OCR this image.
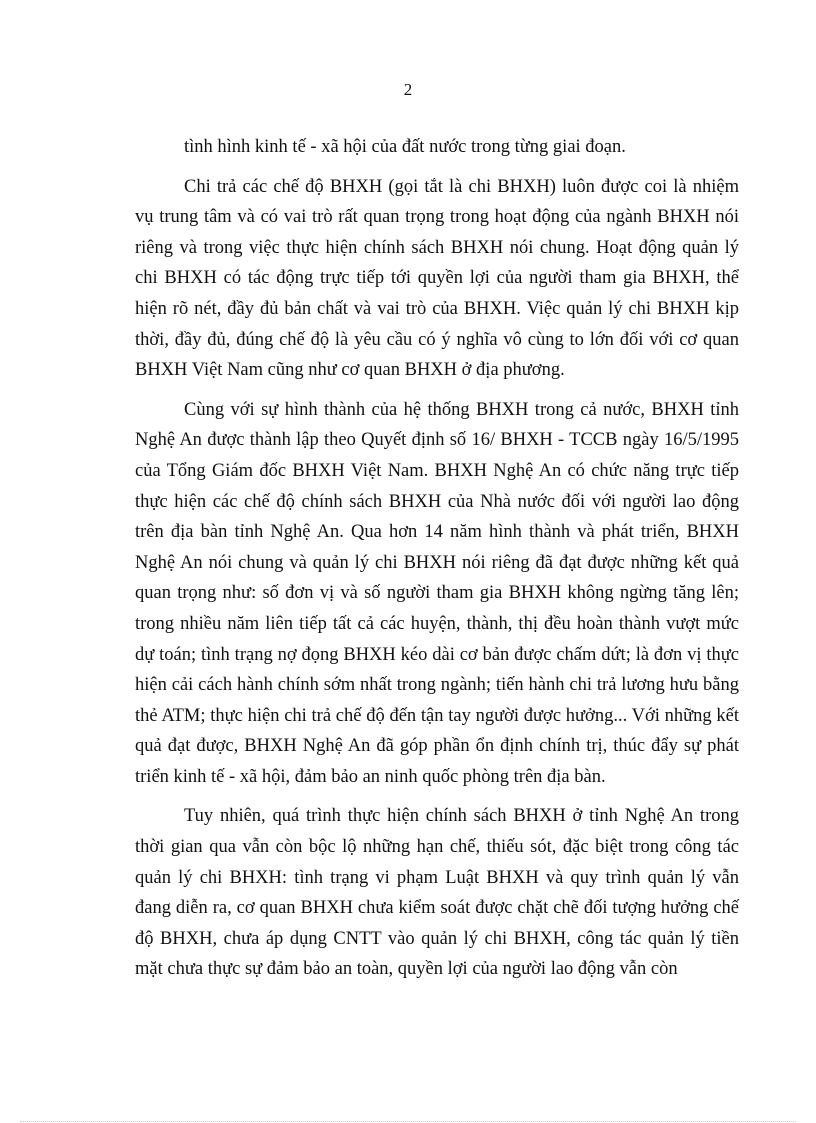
2

tình hình kinh tế - xã hội của đất nước trong từng giai đoạn.

Chi trả các chế độ BHXH (gọi tắt là chi BHXH) luôn được coi là nhiệm vụ trung tâm và có vai trò rất quan trọng trong hoạt động của ngành BHXH nói riêng và trong việc thực hiện chính sách BHXH nói chung. Hoạt động quản lý chi BHXH có tác động trực tiếp tới quyền lợi của người tham gia BHXH, thể hiện rõ nét, đầy đủ bản chất và vai trò của BHXH. Việc quản lý chi BHXH kịp thời, đầy đủ, đúng chế độ là yêu cầu có ý nghĩa vô cùng to lớn đối với cơ quan BHXH Việt Nam cũng như cơ quan BHXH ở địa phương.

Cùng với sự hình thành của hệ thống BHXH trong cả nước, BHXH tỉnh Nghệ An được thành lập theo Quyết định số 16/ BHXH - TCCB ngày 16/5/1995 của Tổng Giám đốc BHXH Việt Nam. BHXH Nghệ An có chức năng trực tiếp thực hiện các chế độ chính sách BHXH của Nhà nước đối với người lao động trên địa bàn tỉnh Nghệ An. Qua hơn 14 năm hình thành và phát triển, BHXH Nghệ An nói chung và quản lý chi BHXH nói riêng đã đạt được những kết quả quan trọng như: số đơn vị và số người tham gia BHXH không ngừng tăng lên; trong nhiều năm liên tiếp tất cả các huyện, thành, thị đều hoàn thành vượt mức dự toán; tình trạng nợ đọng BHXH kéo dài cơ bản được chấm dứt; là đơn vị thực hiện cải cách hành chính sớm nhất trong ngành; tiến hành chi trả lương hưu bằng thẻ ATM; thực hiện chi trả chế độ đến tận tay người được hưởng... Với những kết quả đạt được, BHXH Nghệ An đã góp phần ổn định chính trị, thúc đẩy sự phát triển kinh tế - xã hội, đảm bảo an ninh quốc phòng trên địa bàn.

Tuy nhiên, quá trình thực hiện chính sách BHXH ở tỉnh Nghệ An trong thời gian qua vẫn còn bộc lộ những hạn chế, thiếu sót, đặc biệt trong công tác quản lý chi BHXH: tình trạng vi phạm Luật BHXH và quy trình quản lý vẫn đang diễn ra, cơ quan BHXH chưa kiểm soát được chặt chẽ đối tượng hưởng chế độ BHXH, chưa áp dụng CNTT vào quản lý chi BHXH, công tác quản lý tiền mặt chưa thực sự đảm bảo an toàn, quyền lợi của người lao động vẫn còn
